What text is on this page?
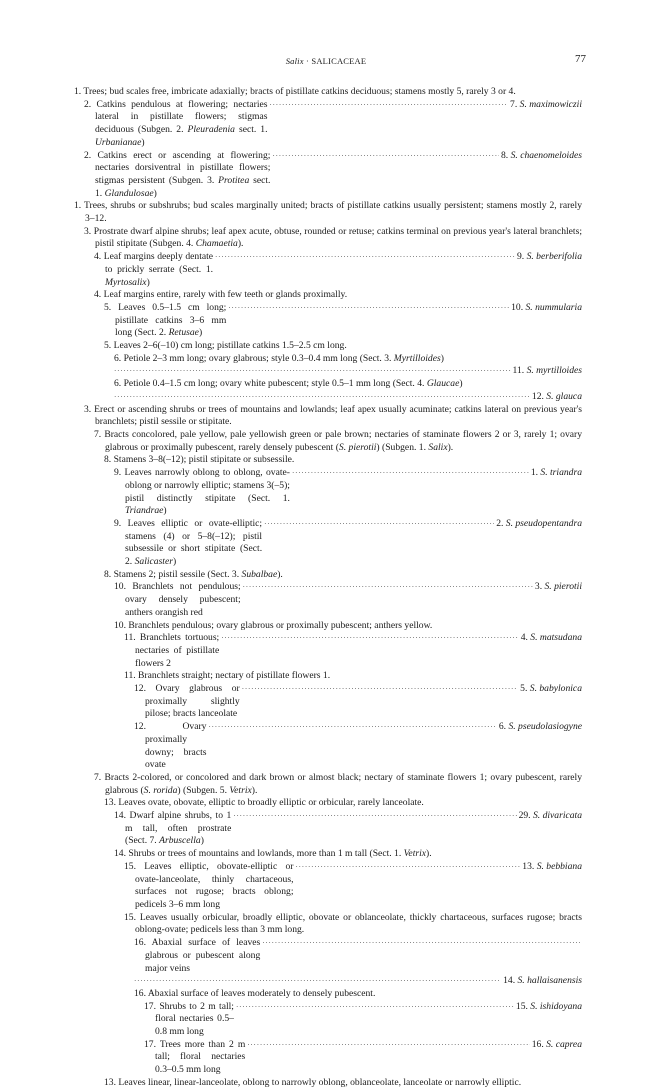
Salix · SALICACEAE	77
1. Trees; bud scales free, imbricate adaxially; bracts of pistillate catkins deciduous; stamens mostly 5, rarely 3 or 4.
2. Catkins pendulous at flowering; nectaries lateral in pistillate flowers; stigmas deciduous (Subgen. 2. Pleuradenia sect. 1. Urbanianae)
·····
7. S. maximowiczii
2. Catkins erect or ascending at flowering; nectaries dorsiventral in pistillate flowers; stigmas persistent (Subgen. 3. Protitea sect. 1. Glandulosae)
·····
8. S. chaenomeloides
1. Trees, shrubs or subshrubs; bud scales marginally united; bracts of pistillate catkins usually persistent; stamens mostly 2, rarely 3–12.
3. Prostrate dwarf alpine shrubs; leaf apex acute, obtuse, rounded or retuse; catkins terminal on previous year's lateral branchlets; pistil stipitate (Subgen. 4. Chamaetia).
4. Leaf margins deeply dentate to prickly serrate (Sect. 1. Myrtosalix)
·····
9. S. berberifolia
4. Leaf margins entire, rarely with few teeth or glands proximally.
5. Leaves 0.5–1.5 cm long; pistillate catkins 3–6 mm long (Sect. 2. Retusae)
·····
10. S. nummularia
5. Leaves 2–6(–10) cm long; pistillate catkins 1.5–2.5 cm long.
6. Petiole 2–3 mm long; ovary glabrous; style 0.3–0.4 mm long (Sect. 3. Myrtilloides)
·····
11. S. myrtilloides
6. Petiole 0.4–1.5 cm long; ovary white pubescent; style 0.5–1 mm long (Sect. 4. Glaucae)
·····
12. S. glauca
3. Erect or ascending shrubs or trees of mountains and lowlands; leaf apex usually acuminate; catkins lateral on previous year's branchlets; pistil sessile or stipitate.
7. Bracts concolored, pale yellow, pale yellowish green or pale brown; nectaries of staminate flowers 2 or 3, rarely 1; ovary glabrous or proximally pubescent, rarely densely pubescent (S. pierotii) (Subgen. 1. Salix).
8. Stamens 3–8(–12); pistil stipitate or subsessile.
9. Leaves narrowly oblong to oblong, ovate-oblong or narrowly elliptic; stamens 3(–5); pistil distinctly stipitate (Sect. 1. Triandrae)
·····
1. S. triandra
9. Leaves elliptic or ovate-elliptic; stamens (4) or 5–8(–12); pistil subsessile or short stipitate (Sect. 2. Salicaster)
·····
2. S. pseudopentandra
8. Stamens 2; pistil sessile (Sect. 3. Subalbae).
10. Branchlets not pendulous; ovary densely pubescent; anthers orangish red
·····
3. S. pierotii
10. Branchlets pendulous; ovary glabrous or proximally pubescent; anthers yellow.
11. Branchlets tortuous; nectaries of pistillate flowers 2
·····
4. S. matsudana
11. Branchlets straight; nectary of pistillate flowers 1.
12. Ovary glabrous or proximally slightly pilose; bracts lanceolate
·····
5. S. babylonica
12. Ovary proximally downy; bracts ovate
·····
6. S. pseudolasiogyne
7. Bracts 2-colored, or concolored and dark brown or almost black; nectary of staminate flowers 1; ovary pubescent, rarely glabrous (S. rorida) (Subgen. 5. Vetrix).
13. Leaves ovate, obovate, elliptic to broadly elliptic or orbicular, rarely lanceolate.
14. Dwarf alpine shrubs, to 1 m tall, often prostrate (Sect. 7. Arbuscella)
·····
29. S. divaricata
14. Shrubs or trees of mountains and lowlands, more than 1 m tall (Sect. 1. Vetrix).
15. Leaves elliptic, obovate-elliptic or ovate-lanceolate, thinly chartaceous, surfaces not rugose; bracts oblong; pedicels 3–6 mm long
·····
13. S. bebbiana
15. Leaves usually orbicular, broadly elliptic, obovate or oblanceolate, thickly chartaceous, surfaces rugose; bracts oblong-ovate; pedicels less than 3 mm long.
16. Abaxial surface of leaves glabrous or pubescent along major veins
·····
·····
14. S. hallaisanensis
16. Abaxial surface of leaves moderately to densely pubescent.
17. Shrubs to 2 m tall; floral nectaries 0.5–0.8 mm long
·····
15. S. ishidoyana
17. Trees more than 2 m tall; floral nectaries 0.3–0.5 mm long
·····
16. S. caprea
13. Leaves linear, linear-lanceolate, oblong to narrowly oblong, oblanceolate, lanceolate or narrowly elliptic.
